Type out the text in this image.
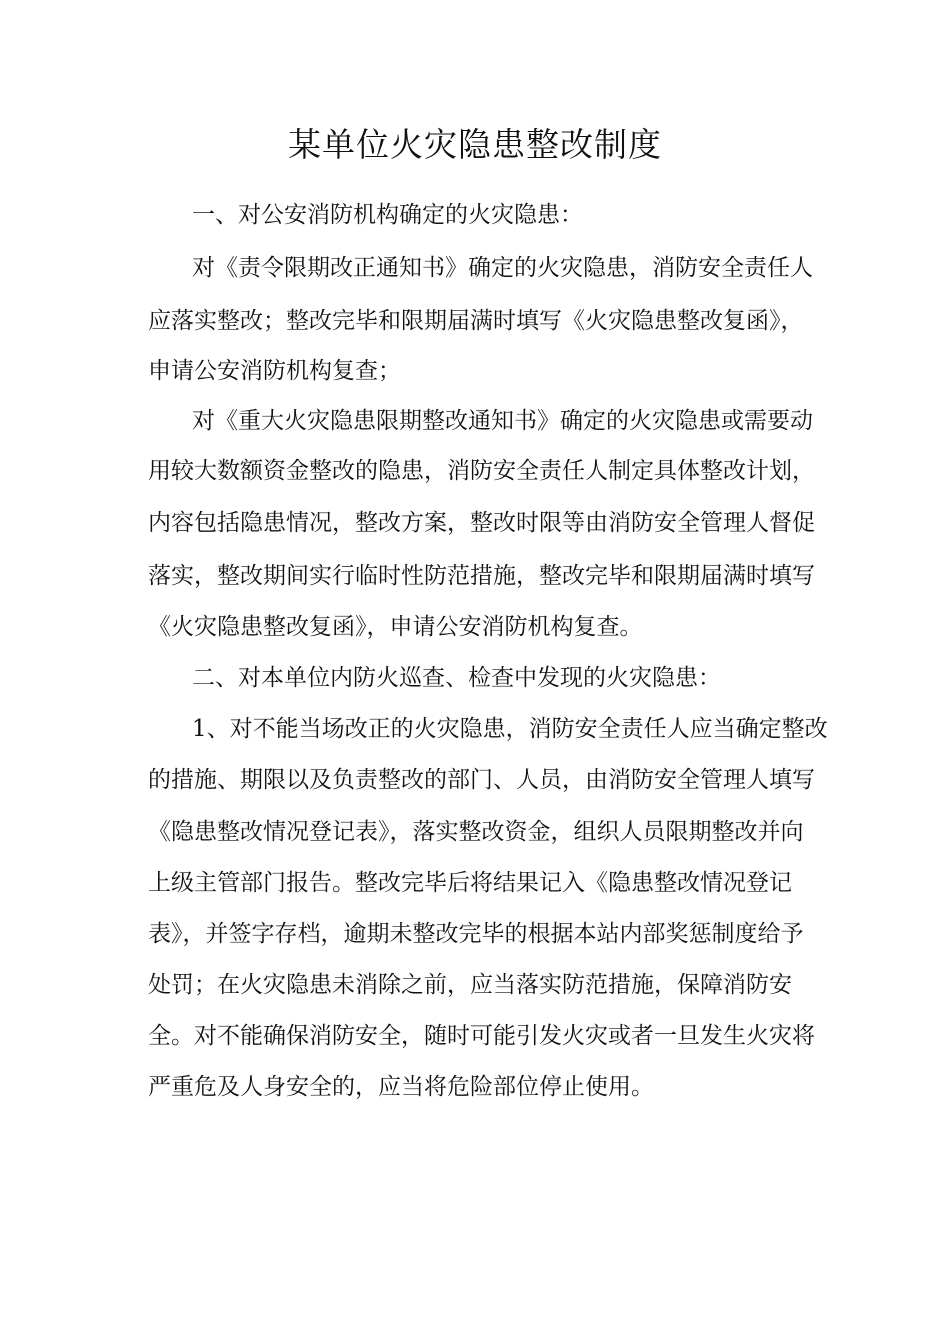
某单位火灾隐患整改制度

一、对公安消防机构确定的火灾隐患：

对《责令限期改正通知书》确定的火灾隐患，消防安全责任人

应落实整改；整改完毕和限期届满时填写《火灾隐患整改复函》，

申请公安消防机构复查；

对《重大火灾隐患限期整改通知书》确定的火灾隐患或需要动

用较大数额资金整改的隐患，消防安全责任人制定具体整改计划，

内容包括隐患情况，整改方案，整改时限等由消防安全管理人督促

落实，整改期间实行临时性防范措施，整改完毕和限期届满时填写

《火灾隐患整改复函》，申请公安消防机构复查。

二、对本单位内防火巡查、检查中发现的火灾隐患：

1、对不能当场改正的火灾隐患，消防安全责任人应当确定整改

的措施、期限以及负责整改的部门、人员，由消防安全管理人填写

《隐患整改情况登记表》，落实整改资金，组织人员限期整改并向

上级主管部门报告。整改完毕后将结果记入《隐患整改情况登记

表》，并签字存档，逾期未整改完毕的根据本站内部奖惩制度给予

处罚；在火灾隐患未消除之前，应当落实防范措施，保障消防安

全。对不能确保消防安全，随时可能引发火灾或者一旦发生火灾将

严重危及人身安全的，应当将危险部位停止使用。
